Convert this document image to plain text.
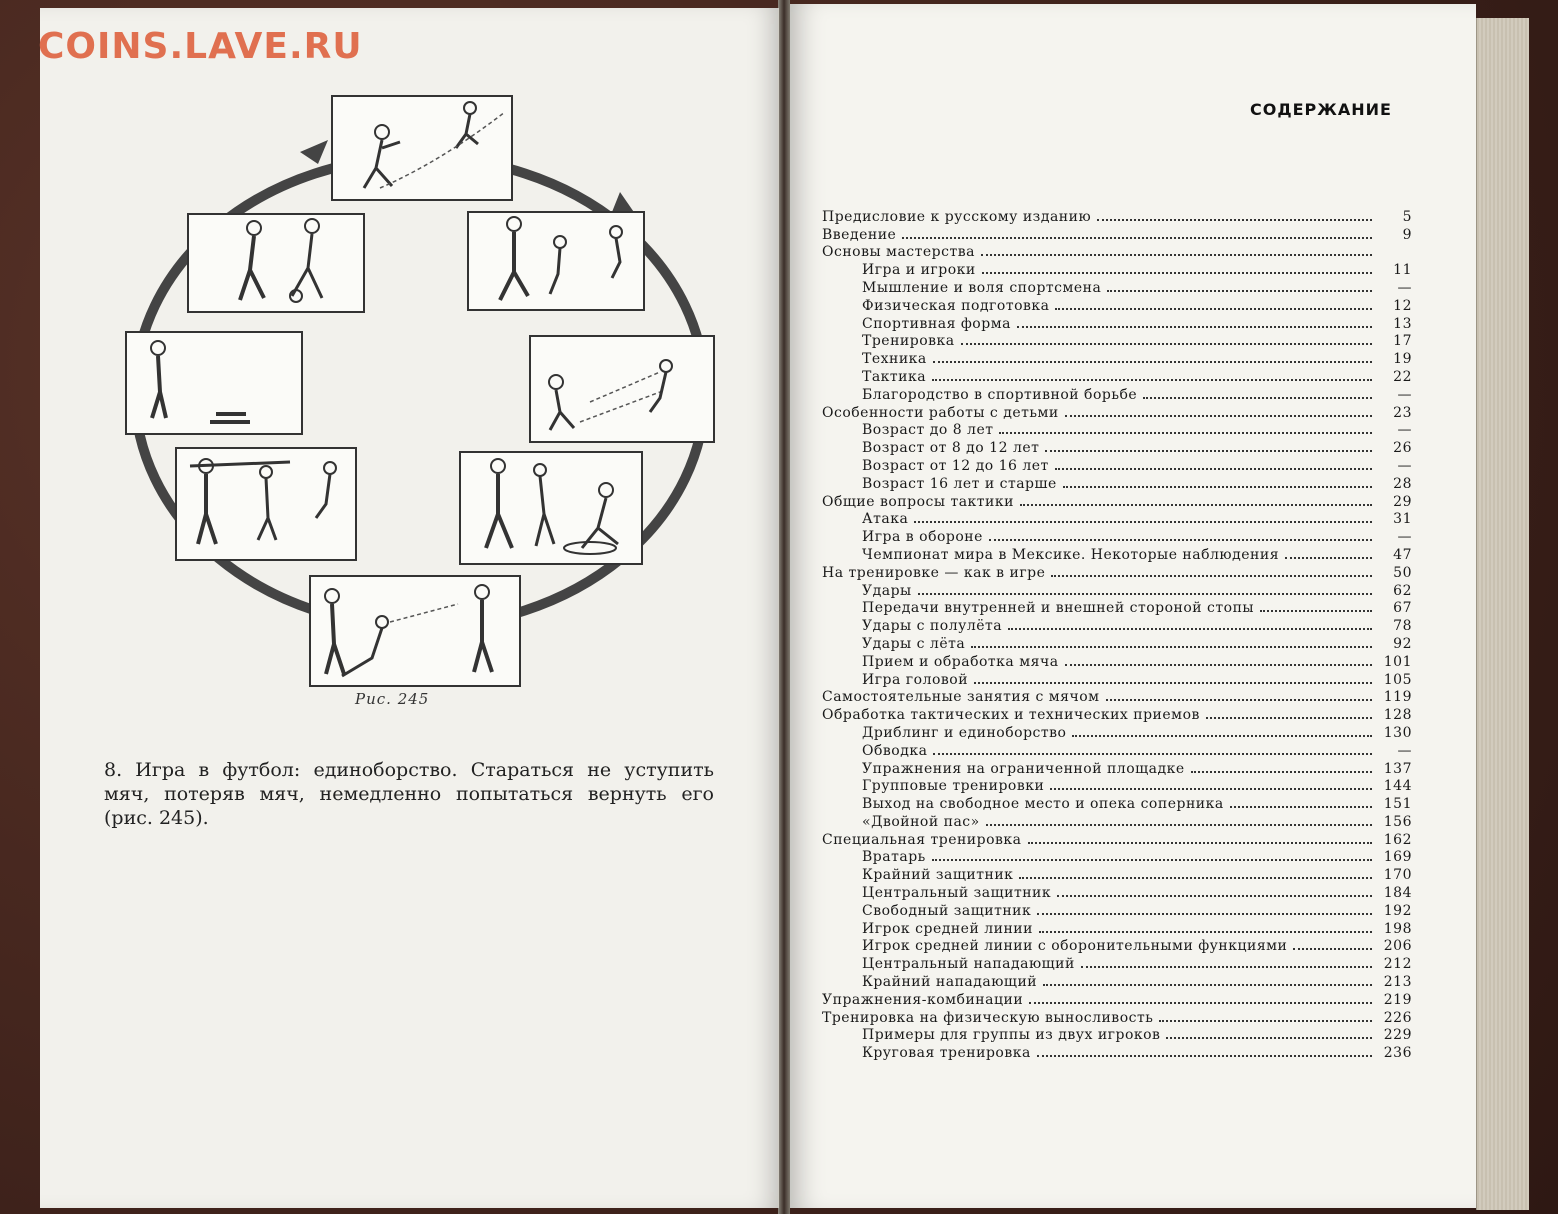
COINS.LAVE.RU
Рис. 245
8. Игра в футбол: единоборство. Стараться не уступить мяч, потеряв мяч, немедленно попытаться вернуть его (рис. 245).
СОДЕРЖАНИЕ
Предисловие к русскому изданию	5
Введение	9
Основы мастерства
Игра и игроки	11
Мышление и воля спортсмена	—
Физическая подготовка	12
Спортивная форма	13
Тренировка	17
Техника	19
Тактика	22
Благородство в спортивной борьбе	—
Особенности работы с детьми	23
Возраст до 8 лет	—
Возраст от 8 до 12 лет	26
Возраст от 12 до 16 лет	—
Возраст 16 лет и старше	28
Общие вопросы тактики	29
Атака	31
Игра в обороне	—
Чемпионат мира в Мексике. Некоторые наблюдения	47
На тренировке — как в игре	50
Удары	62
Передачи внутренней и внешней стороной стопы	67
Удары с полулёта	78
Удары с лёта	92
Прием и обработка мяча	101
Игра головой	105
Самостоятельные занятия с мячом	119
Обработка тактических и технических приемов	128
Дриблинг и единоборство	130
Обводка	—
Упражнения на ограниченной площадке	137
Групповые тренировки	144
Выход на свободное место и опека соперника	151
«Двойной пас»	156
Специальная тренировка	162
Вратарь	169
Крайний защитник	170
Центральный защитник	184
Свободный защитник	192
Игрок средней линии	198
Игрок средней линии с оборонительными функциями	206
Центральный нападающий	212
Крайний нападающий	213
Упражнения-комбинации	219
Тренировка на физическую выносливость	226
Примеры для группы из двух игроков	229
Круговая тренировка	236
